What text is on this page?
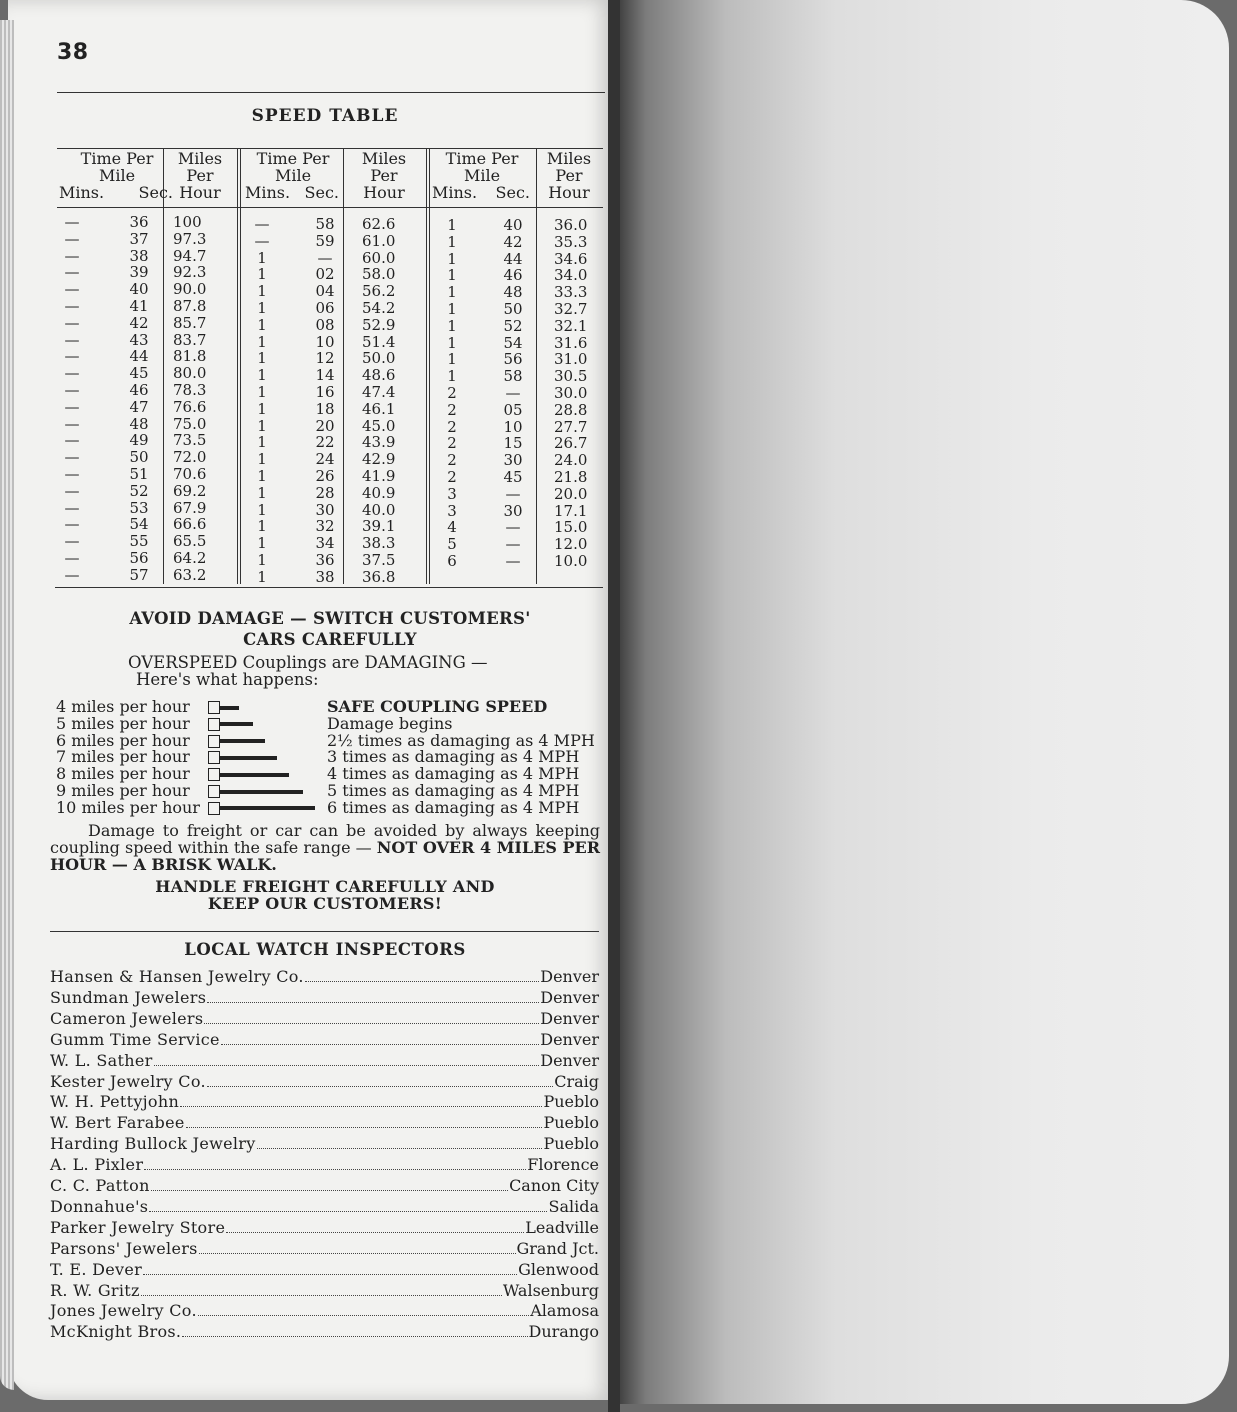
38
SPEED TABLE
Time Per
Mile
Mins. Sec.
Miles
Per
Hour
—	36 100
—	37 97.3
—	38 94.7
—	39 92.3
—	40 90.0
—	41 87.8
—	42 85.7
—	43 83.7
—	44 81.8
—	45 80.0
—	46 78.3
—	47 76.6
—	48 75.0
—	49 73.5
—	50 72.0
—	51 70.6
—	52 69.2
—	53 67.9
—	54 66.6
—	55 65.5
—	56 64.2
—	57 63.2
Time Per
Mile
Mins. Sec.
Miles
Per
Hour
—	58 62.6
—	59 61.0
1	—	60.0
1	02 58.0
1	04 56.2
1	06 54.2
1	08 52.9
1	10 51.4
1	12 50.0
1	14 48.6
1	16 47.4
1	18 46.1
1	20 45.0
1	22 43.9
1	24 42.9
1	26 41.9
1	28 40.9
1	30 40.0
1	32 39.1
1	34 38.3
1	36 37.5
1	38 36.8
Time Per
Mile
Mins. Sec.
Miles
Per
Hour
1	40 36.0
1	42 35.3
1	44 34.6
1	46 34.0
1	48 33.3
1	50 32.7
1	52 32.1
1	54 31.6
1	56 31.0
1	58 30.5
2	—	30.0
2	05 28.8
2	10 27.7
2	15 26.7
2	30 24.0
2	45 21.8
3	—	20.0
3	30 17.1
4	—	15.0
5	—	12.0
6	—	10.0
AVOID DAMAGE — SWITCH CUSTOMERS'
CARS CAREFULLY
OVERSPEED Couplings are DAMAGING —
Here's what happens:
4 miles per hour	SAFE COUPLING SPEED
5 miles per hour	Damage begins
6 miles per hour	2½ times as damaging as 4 MPH
7 miles per hour	3 times as damaging as 4 MPH
8 miles per hour	4 times as damaging as 4 MPH
9 miles per hour	5 times as damaging as 4 MPH
10 miles per hour	6 times as damaging as 4 MPH
Damage to freight or car can be avoided by always keeping coupling speed within the safe range — NOT OVER 4 MILES PER HOUR — A BRISK WALK.
HANDLE FREIGHT CAREFULLY AND
KEEP OUR CUSTOMERS!
LOCAL WATCH INSPECTORS
Hansen & Hansen Jewelry Co.	Denver
Sundman Jewelers	Denver
Cameron Jewelers	Denver
Gumm Time Service	Denver
W. L. Sather	Denver
Kester Jewelry Co.	Craig
W. H. Pettyjohn	Pueblo
W. Bert Farabee	Pueblo
Harding Bullock Jewelry	Pueblo
A. L. Pixler	Florence
C. C. Patton	Canon City
Donnahue's	Salida
Parker Jewelry Store	Leadville
Parsons' Jewelers	Grand Jct.
T. E. Dever	Glenwood
R. W. Gritz	Walsenburg
Jones Jewelry Co.	Alamosa
McKnight Bros.	Durango
